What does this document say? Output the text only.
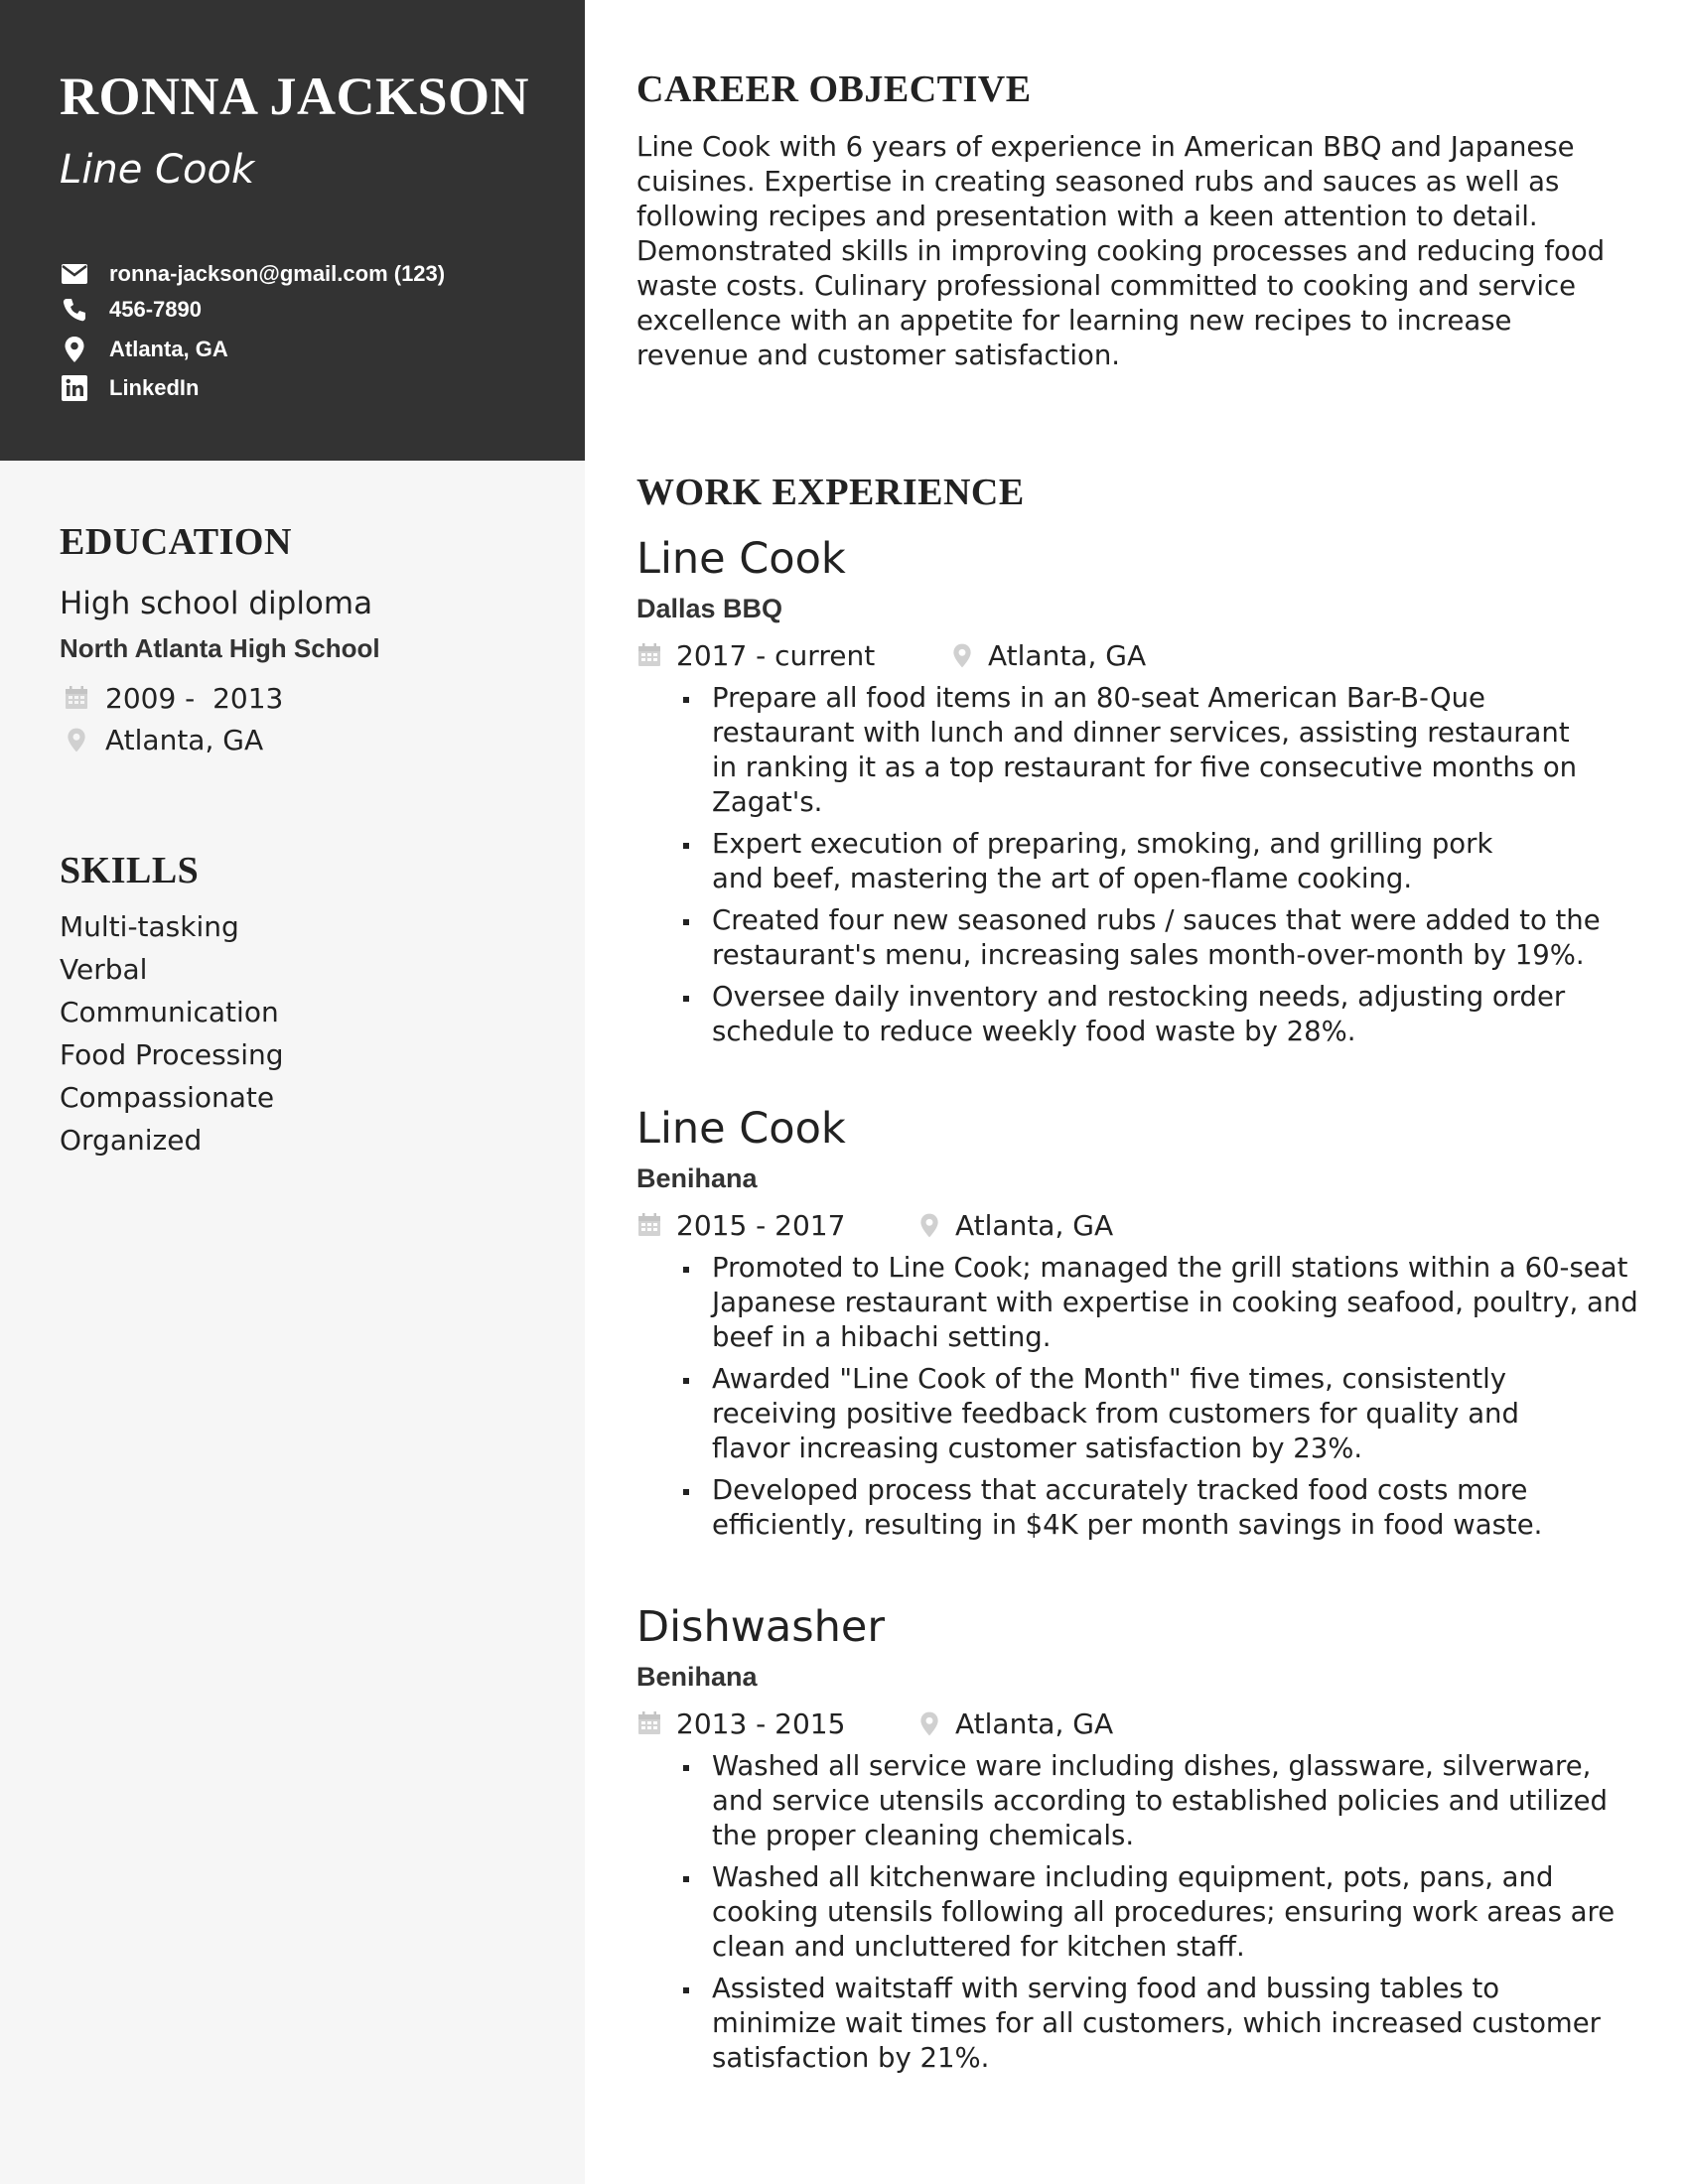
RONNA JACKSON
Line Cook
ronna-jackson@gmail.com (123)
456-7890
Atlanta, GA
LinkedIn
EDUCATION
High school diploma
North Atlanta High School
2009 -  2013
Atlanta, GA
SKILLS
Multi-tasking
Verbal
Communication
Food Processing
Compassionate
Organized
CAREER OBJECTIVE

Line Cook with 6 years of experience in American BBQ and Japanese cuisines. Expertise in creating seasoned rubs and sauces as well as following recipes and presentation with a keen attention to detail. Demonstrated skills in improving cooking processes and reducing food waste costs. Culinary professional committed to cooking and service excellence with an appetite for learning new recipes to increase revenue and customer satisfaction.

WORK EXPERIENCE
Line Cook
Dallas BBQ
2017 - current	Atlanta, GA
Prepare all food items in an 80-seat American Bar-B-Que restaurant with lunch and dinner services, assisting restaurant in ranking it as a top restaurant for five consecutive months on Zagat's.
Expert execution of preparing, smoking, and grilling pork and beef, mastering the art of open-flame cooking.
Created four new seasoned rubs / sauces that were added to the restaurant's menu, increasing sales month-over-month by 19%.
Oversee daily inventory and restocking needs, adjusting order schedule to reduce weekly food waste by 28%.
Line Cook
Benihana
2015 - 2017	Atlanta, GA
Promoted to Line Cook; managed the grill stations within a 60-seat Japanese restaurant with expertise in cooking seafood, poultry, and beef in a hibachi setting.
Awarded "Line Cook of the Month" five times, consistently receiving positive feedback from customers for quality and flavor increasing customer satisfaction by 23%.
Developed process that accurately tracked food costs more efficiently, resulting in $4K per month savings in food waste.
Dishwasher
Benihana
2013 - 2015	Atlanta, GA
Washed all service ware including dishes, glassware, silverware, and service utensils according to established policies and utilized the proper cleaning chemicals.
Washed all kitchenware including equipment, pots, pans, and cooking utensils following all procedures; ensuring work areas are clean and uncluttered for kitchen staff.
Assisted waitstaff with serving food and bussing tables to minimize wait times for all customers, which increased customer satisfaction by 21%.
